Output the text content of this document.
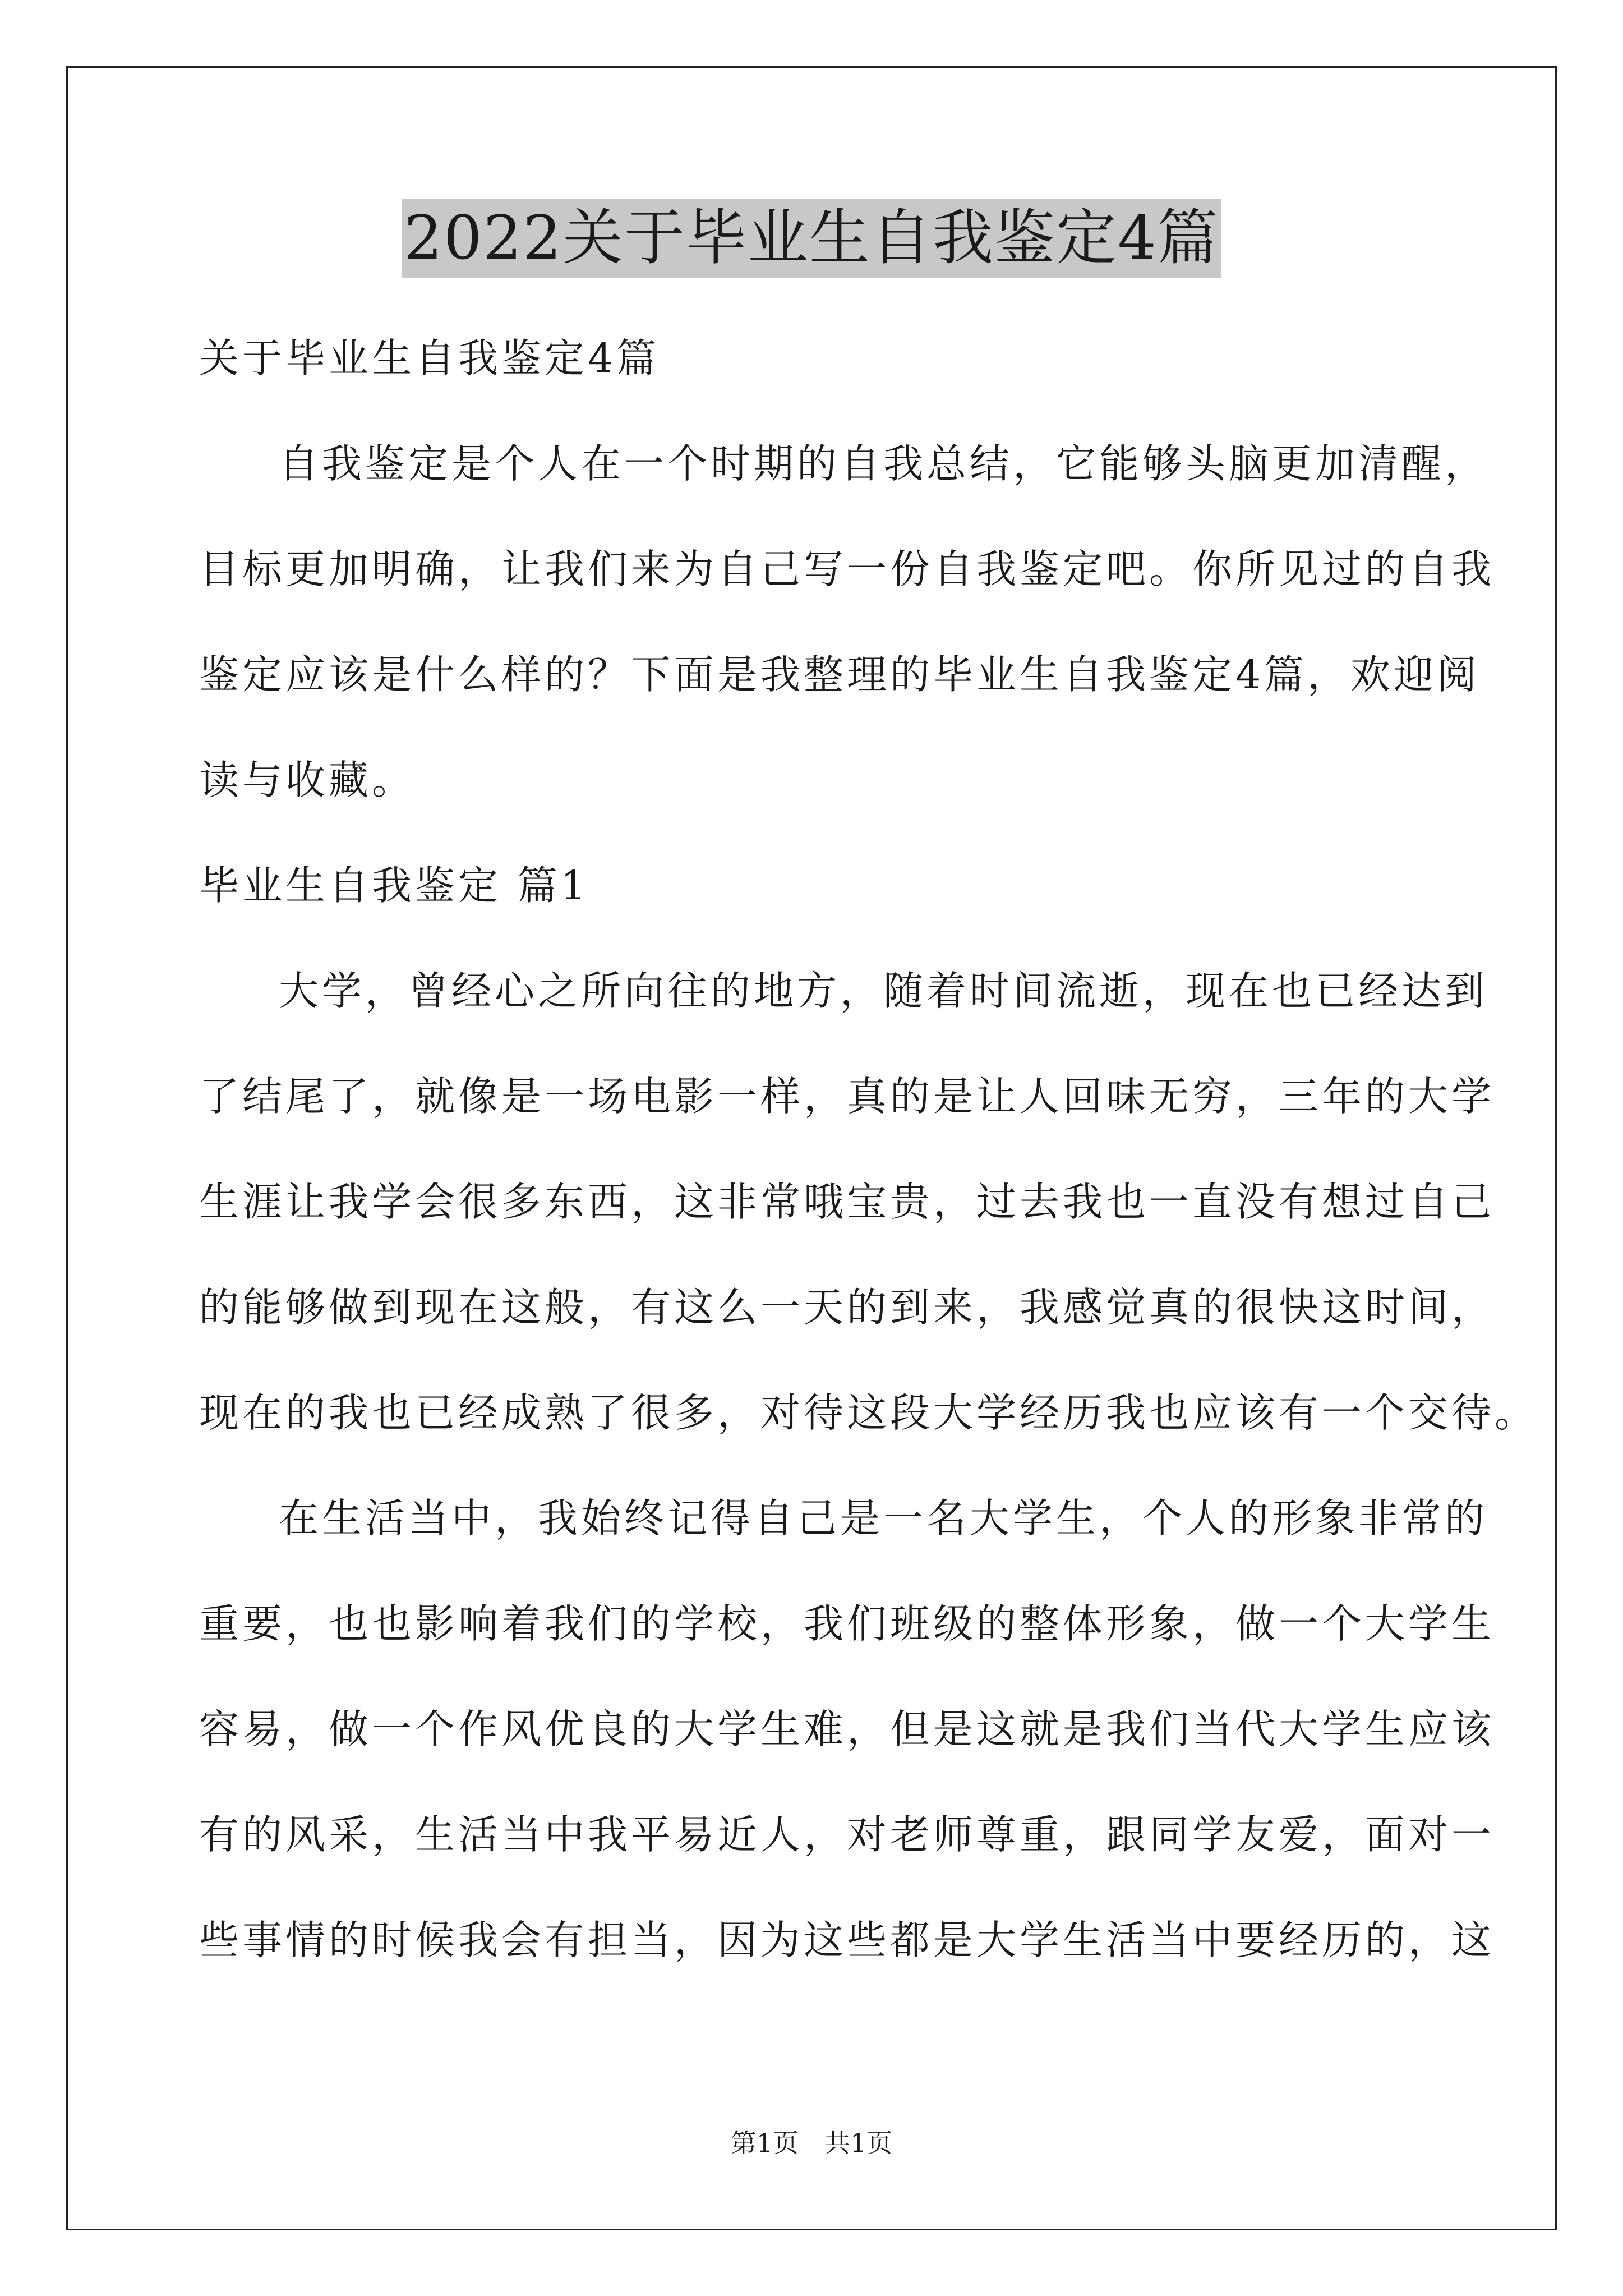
2022关于毕业生自我鉴定4篇
关于毕业生自我鉴定4篇
自我鉴定是个人在一个时期的自我总结，它能够头脑更加清醒，
目标更加明确，让我们来为自己写一份自我鉴定吧。你所见过的自我
鉴定应该是什么样的？下面是我整理的毕业生自我鉴定4篇，欢迎阅
读与收藏。
毕业生自我鉴定 篇1
大学，曾经心之所向往的地方，随着时间流逝，现在也已经达到
了结尾了，就像是一场电影一样，真的是让人回味无穷，三年的大学
生涯让我学会很多东西，这非常哦宝贵，过去我也一直没有想过自己
的能够做到现在这般，有这么一天的到来，我感觉真的很快这时间，
现在的我也已经成熟了很多，对待这段大学经历我也应该有一个交待。
在生活当中，我始终记得自己是一名大学生，个人的形象非常的
重要，也也影响着我们的学校，我们班级的整体形象，做一个大学生
容易，做一个作风优良的大学生难，但是这就是我们当代大学生应该
有的风采，生活当中我平易近人，对老师尊重，跟同学友爱，面对一
些事情的时候我会有担当，因为这些都是大学生活当中要经历的，这
第1页　共1页
